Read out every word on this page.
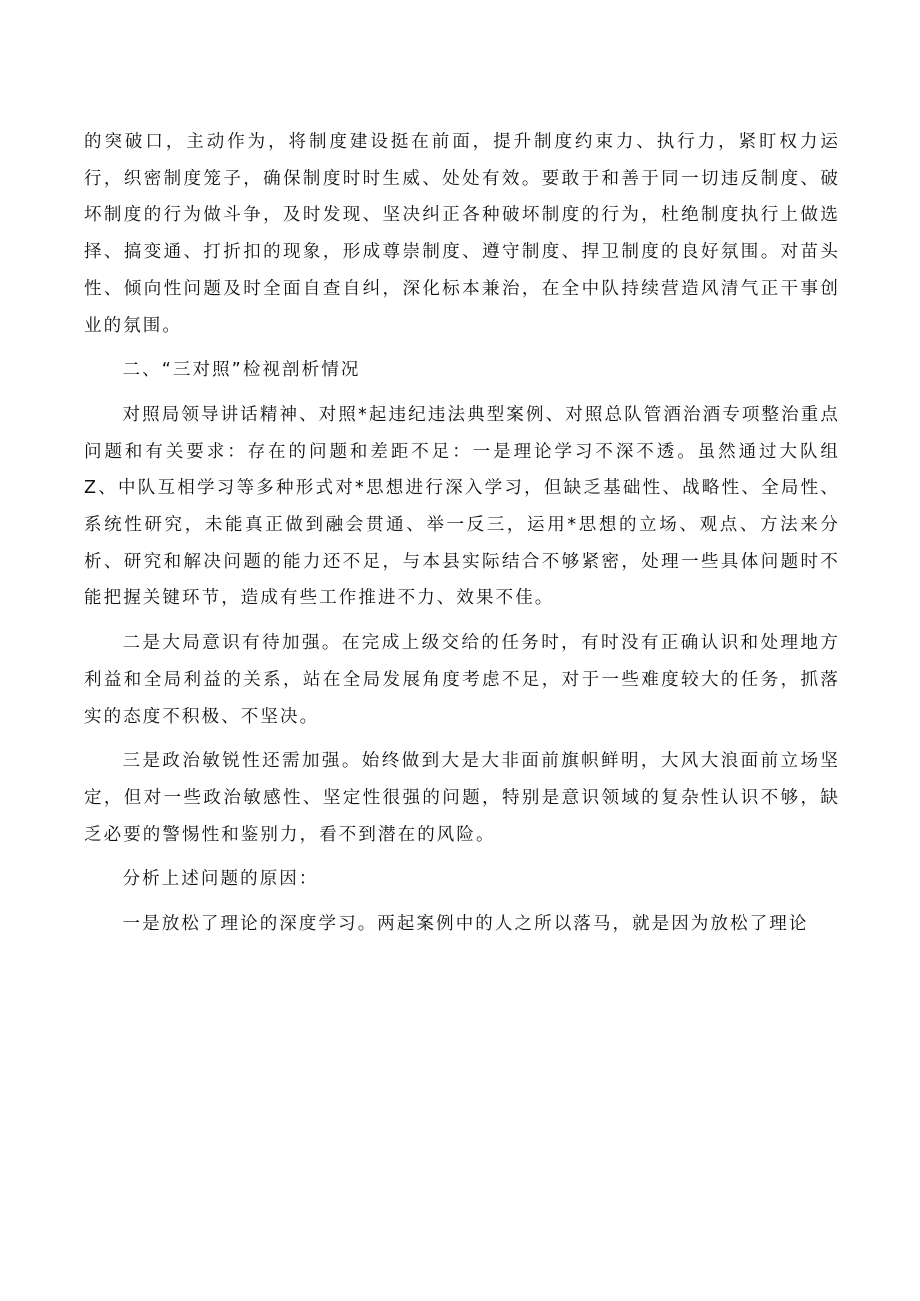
的突破口，主动作为，将制度建设挺在前面，提升制度约束力、执行力，紧盯权力运行，织密制度笼子，确保制度时时生威、处处有效。要敢于和善于同一切违反制度、破坏制度的行为做斗争，及时发现、坚决纠正各种破坏制度的行为，杜绝制度执行上做选择、搞变通、打折扣的现象，形成尊崇制度、遵守制度、捍卫制度的良好氛围。对苗头性、倾向性问题及时全面自查自纠，深化标本兼治，在全中队持续营造风清气正干事创业的氛围。

二、“三对照”检视剖析情况

对照局领导讲话精神、对照*起违纪违法典型案例、对照总队管酒治酒专项整治重点问题和有关要求：存在的问题和差距不足：一是理论学习不深不透。虽然通过大队组Z、中队互相学习等多种形式对*思想进行深入学习，但缺乏基础性、战略性、全局性、系统性研究，未能真正做到融会贯通、举一反三，运用*思想的立场、观点、方法来分析、研究和解决问题的能力还不足，与本县实际结合不够紧密，处理一些具体问题时不能把握关键环节，造成有些工作推进不力、效果不佳。

二是大局意识有待加强。在完成上级交给的任务时，有时没有正确认识和处理地方利益和全局利益的关系，站在全局发展角度考虑不足，对于一些难度较大的任务，抓落实的态度不积极、不坚决。

三是政治敏锐性还需加强。始终做到大是大非面前旗帜鲜明，大风大浪面前立场坚定，但对一些政治敏感性、坚定性很强的问题，特别是意识领域的复杂性认识不够，缺乏必要的警惕性和鉴别力，看不到潜在的风险。

分析上述问题的原因：

一是放松了理论的深度学习。两起案例中的人之所以落马，就是因为放松了理论
